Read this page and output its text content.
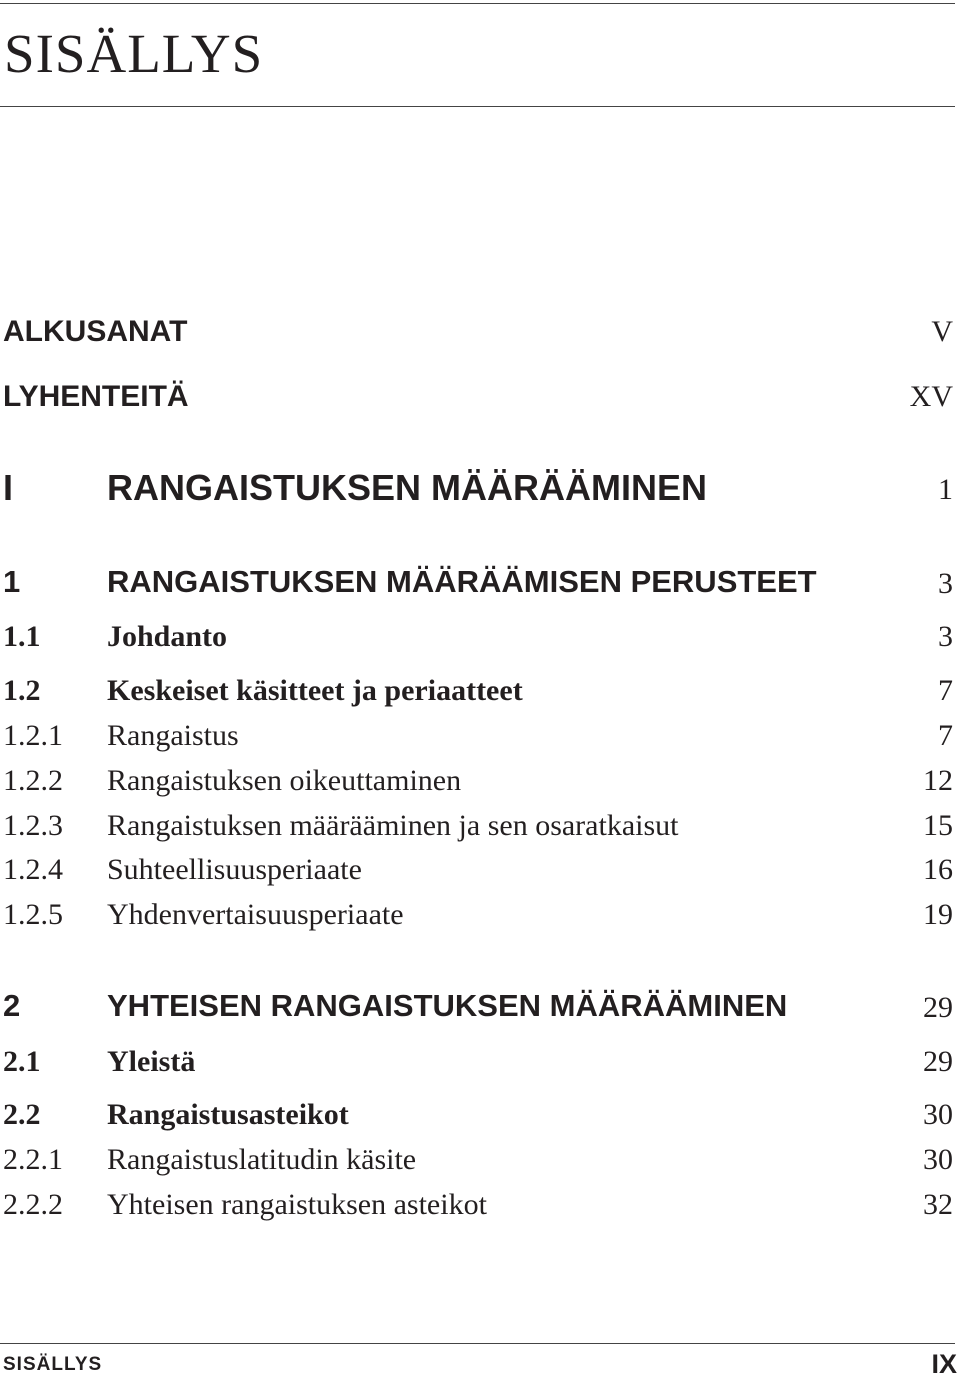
SISÄLLYS
ALKUSANAT	V
LYHENTEITÄ	XV
I	RANGAISTUKSEN MÄÄRÄÄMINEN	1
1	RANGAISTUKSEN MÄÄRÄÄMISEN PERUSTEET	3
1.1 Johdanto	3
1.2 Keskeiset käsitteet ja periaatteet	7
1.2.1 Rangaistus	7
1.2.2 Rangaistuksen oikeuttaminen	12
1.2.3 Rangaistuksen määrääminen ja sen osaratkaisut	15
1.2.4 Suhteellisuusperiaate	16
1.2.5 Yhdenvertaisuusperiaate	19
2	YHTEISEN RANGAISTUKSEN MÄÄRÄÄMINEN	29
2.1 Yleistä	29
2.2 Rangaistusasteikot	30
2.2.1 Rangaistuslatitudin käsite	30
2.2.2 Yhteisen rangaistuksen asteikot	32
SISÄLLYS	IX
